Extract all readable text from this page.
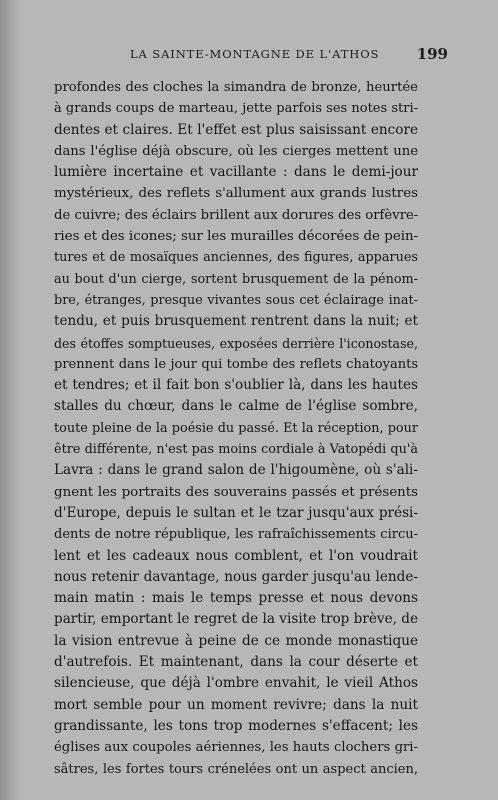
LA SAINTE-MONTAGNE DE L'ATHOS 199
profondes des cloches la simandra de bronze, heurtée
à grands coups de marteau, jette parfois ses notes stri-
dentes et claires. Et l'effet est plus saisissant encore
dans l'église déjà obscure, où les cierges mettent une
lumière incertaine et vacillante : dans le demi-jour
mystérieux, des reflets s'allument aux grands lustres
de cuivre; des éclairs brillent aux dorures des orfèvre-
ries et des icones; sur les murailles décorées de pein-
tures et de mosaïques anciennes, des figures, apparues
au bout d'un cierge, sortent brusquement de la pénom-
bre, étranges, presque vivantes sous cet éclairage inat-
tendu, et puis brusquement rentrent dans la nuit; et
des étoffes somptueuses, exposées derrière l'iconostase,
prennent dans le jour qui tombe des reflets chatoyants
et tendres; et il fait bon s'oublier là, dans les hautes
stalles du chœur, dans le calme de l'église sombre,
toute pleine de la poésie du passé. Et la réception, pour
être différente, n'est pas moins cordiale à Vatopédi qu'à
Lavra : dans le grand salon de l'higoumène, où s'ali-
gnent les portraits des souverains passés et présents
d'Europe, depuis le sultan et le tzar jusqu'aux prési-
dents de notre république, les rafraîchissements circu-
lent et les cadeaux nous comblent, et l'on voudrait
nous retenir davantage, nous garder jusqu'au lende-
main matin : mais le temps presse et nous devons
partir, emportant le regret de la visite trop brève, de
la vision entrevue à peine de ce monde monastique
d'autrefois. Et maintenant, dans la cour déserte et
silencieuse, que déjà l'ombre envahit, le vieil Athos
mort semble pour un moment revivre; dans la nuit
grandissante, les tons trop modernes s'effacent; les
églises aux coupoles aériennes, les hauts clochers gri-
sâtres, les fortes tours crénelées ont un aspect ancien,
